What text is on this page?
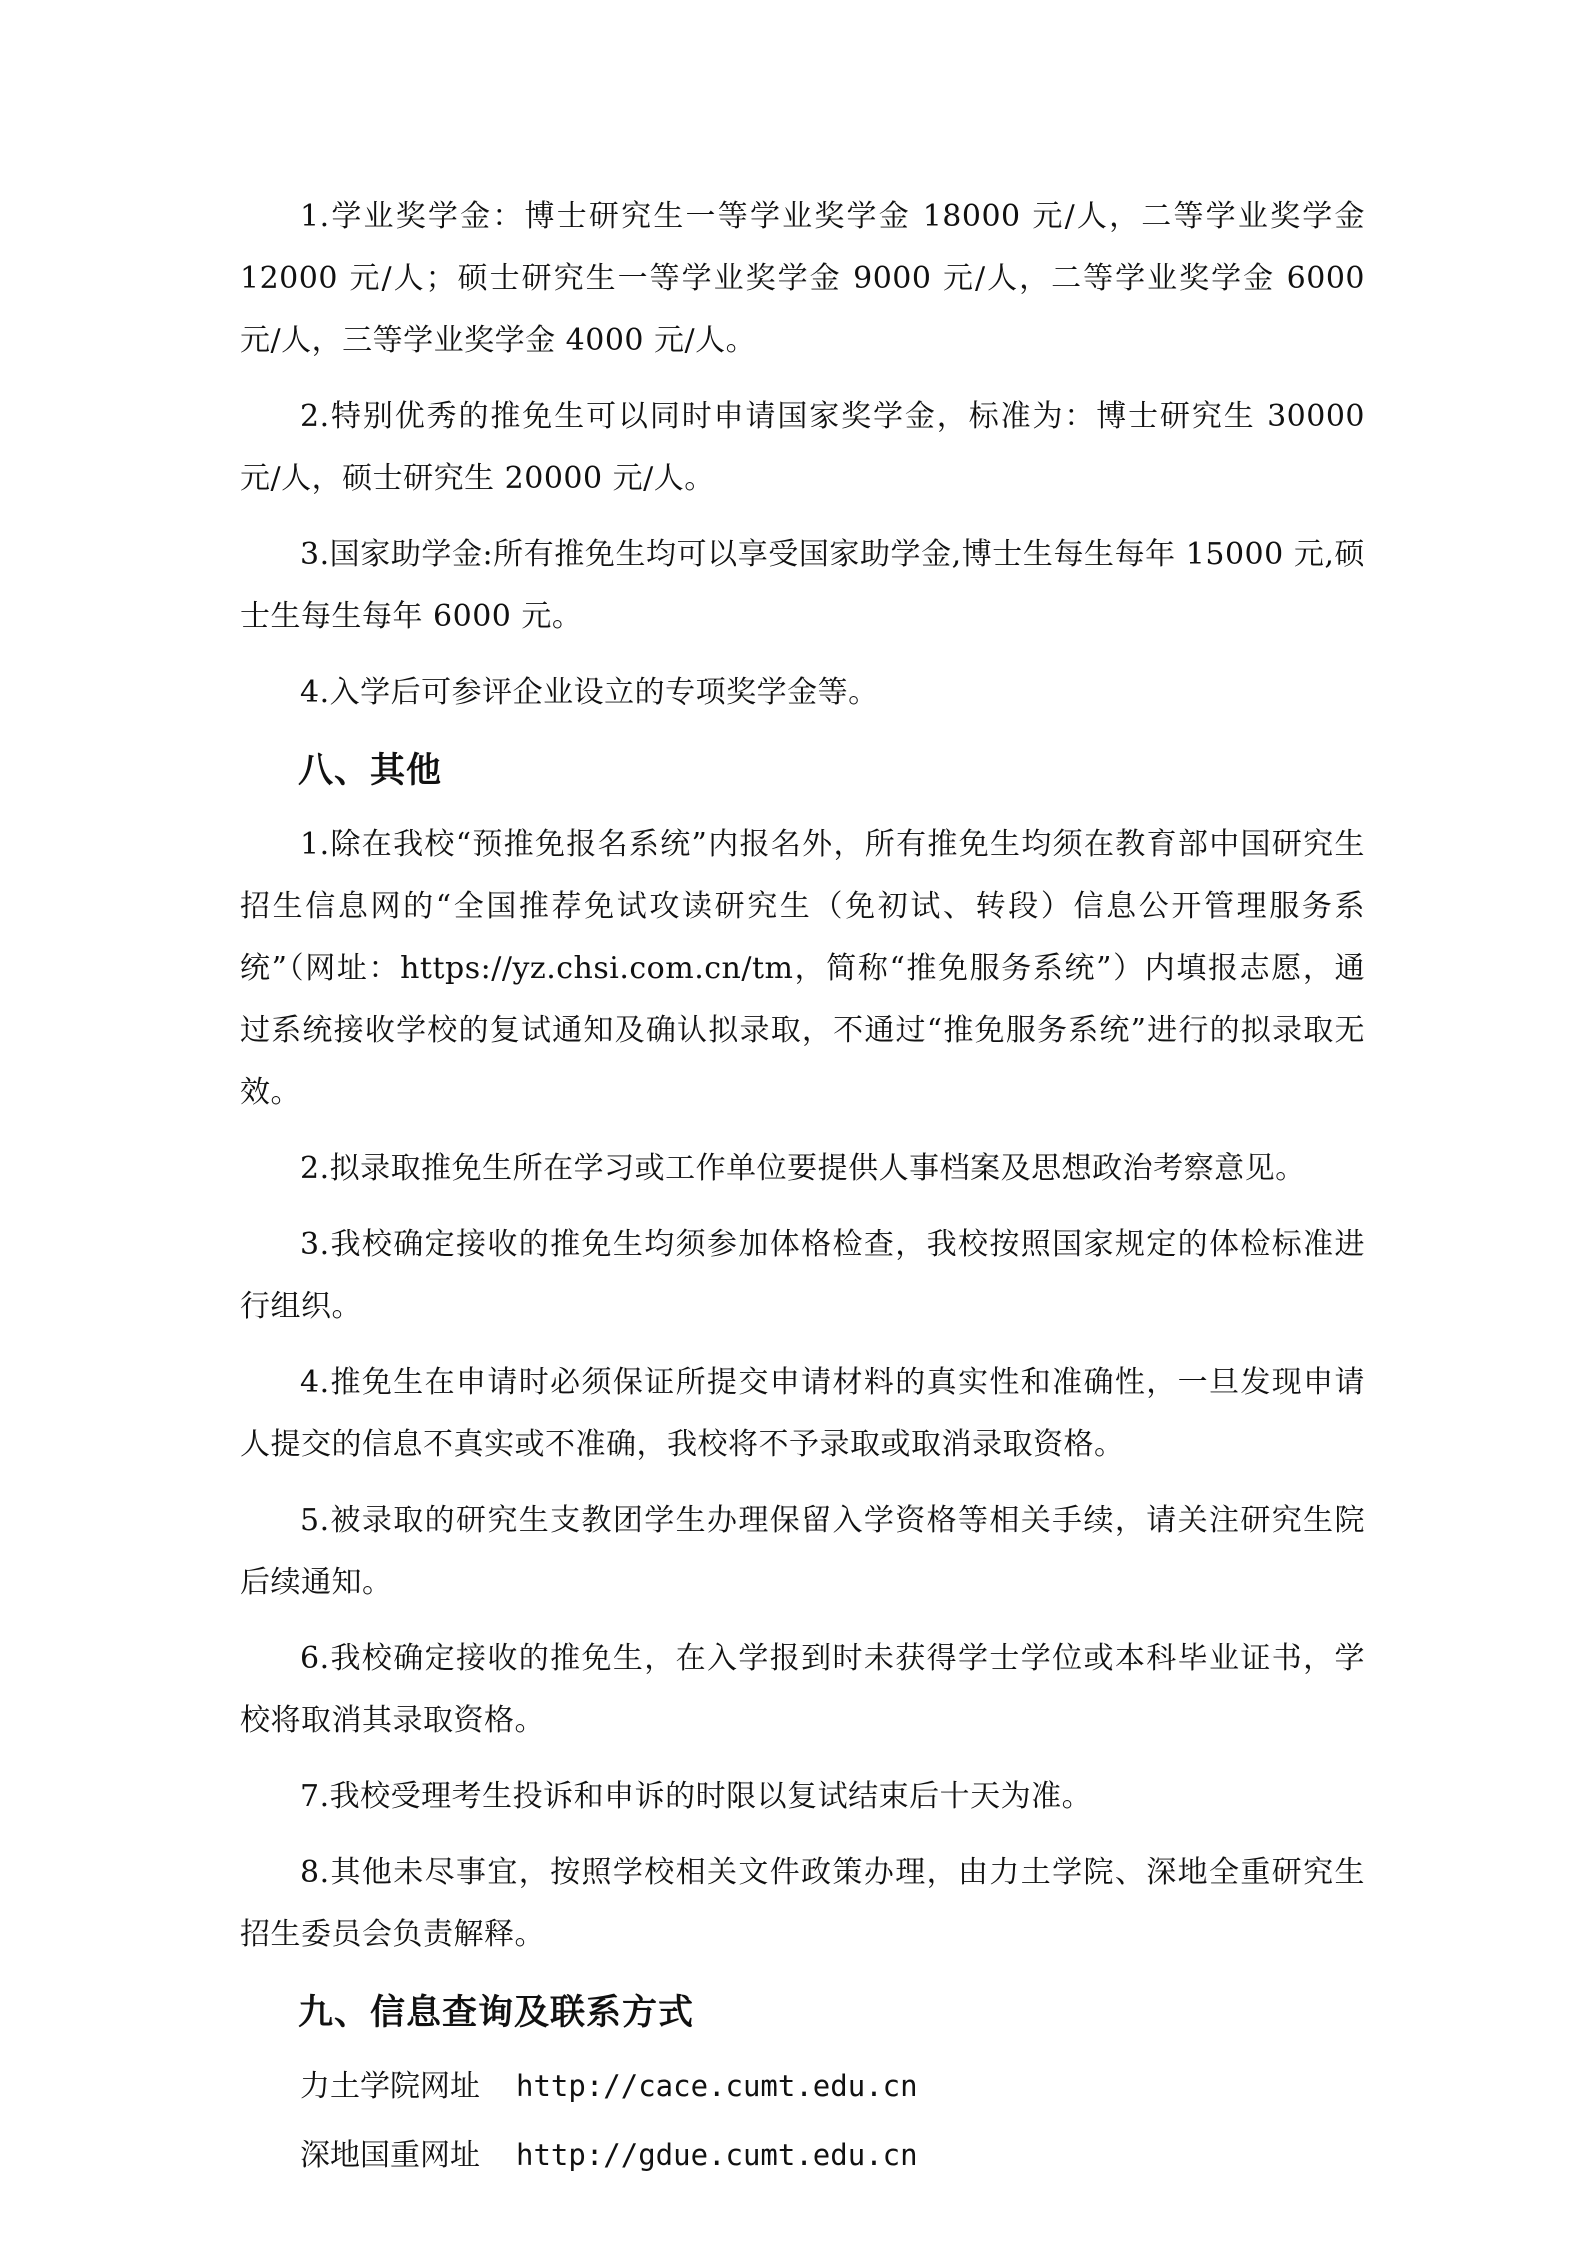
1.学业奖学金：博士研究生一等学业奖学金 18000 元/人，二等学业奖学金 12000 元/人；硕士研究生一等学业奖学金 9000 元/人，二等学业奖学金 6000 元/人，三等学业奖学金 4000 元/人。

2.特别优秀的推免生可以同时申请国家奖学金，标准为：博士研究生 30000 元/人，硕士研究生 20000 元/人。

3.国家助学金:所有推免生均可以享受国家助学金,博士生每生每年 15000 元,硕士生每生每年 6000 元。

4.入学后可参评企业设立的专项奖学金等。

八、其他

1.除在我校“预推免报名系统”内报名外，所有推免生均须在教育部中国研究生招生信息网的“全国推荐免试攻读研究生（免初试、转段）信息公开管理服务系统”（网址：https://yz.chsi.com.cn/tm，简称“推免服务系统”）内填报志愿，通过系统接收学校的复试通知及确认拟录取，不通过“推免服务系统”进行的拟录取无效。

2.拟录取推免生所在学习或工作单位要提供人事档案及思想政治考察意见。

3.我校确定接收的推免生均须参加体格检查，我校按照国家规定的体检标准进行组织。

4.推免生在申请时必须保证所提交申请材料的真实性和准确性，一旦发现申请人提交的信息不真实或不准确，我校将不予录取或取消录取资格。

5.被录取的研究生支教团学生办理保留入学资格等相关手续，请关注研究生院后续通知。

6.我校确定接收的推免生，在入学报到时未获得学士学位或本科毕业证书，学校将取消其录取资格。

7.我校受理考生投诉和申诉的时限以复试结束后十天为准。

8.其他未尽事宜，按照学校相关文件政策办理，由力土学院、深地全重研究生招生委员会负责解释。

九、信息查询及联系方式
力土学院网址 http://cace.cumt.edu.cn
深地国重网址 http://gdue.cumt.edu.cn
